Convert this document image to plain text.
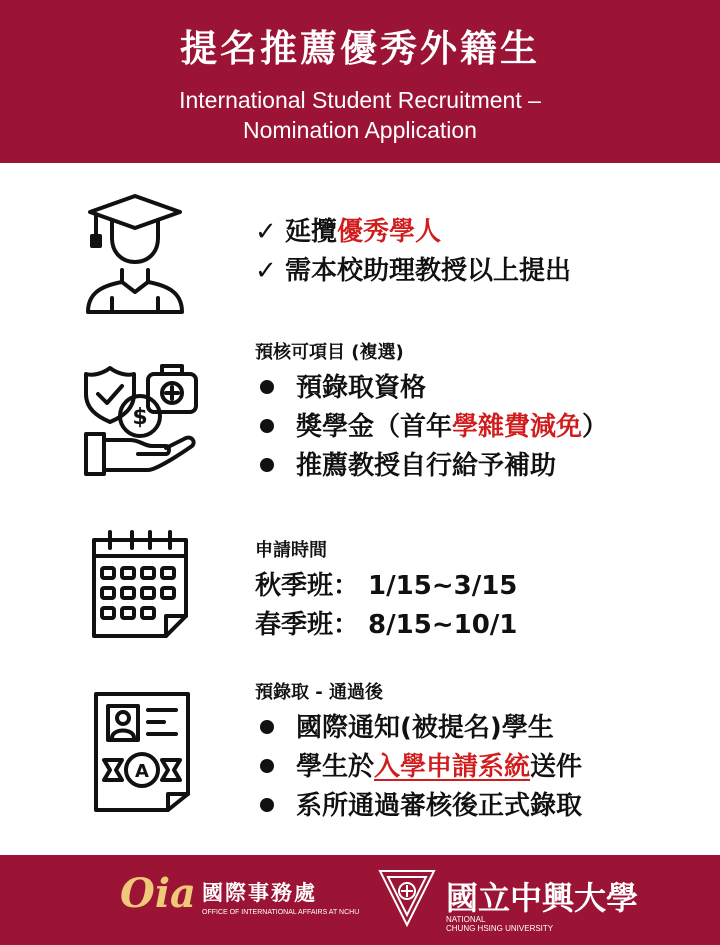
提名推薦優秀外籍生
International Student Recruitment –
Nomination Application
✓ 延攬優秀學人
✓ 需本校助理教授以上提出
$
預核可項目 (複選)
預錄取資格
獎學金（首年學雜費減免）
推薦教授自行給予補助
申請時間
秋季班： 1/15~3/15
春季班： 8/15~10/1
A
預錄取 - 通過後
國際通知(被提名)學生
學生於入學申請系統送件
系所通過審核後正式錄取
Oia 國際事務處
OFFICE OF INTERNATIONAL AFFAIRS AT NCHU	國立中興大學
NATIONAL
CHUNG HSING UNIVERSITY
